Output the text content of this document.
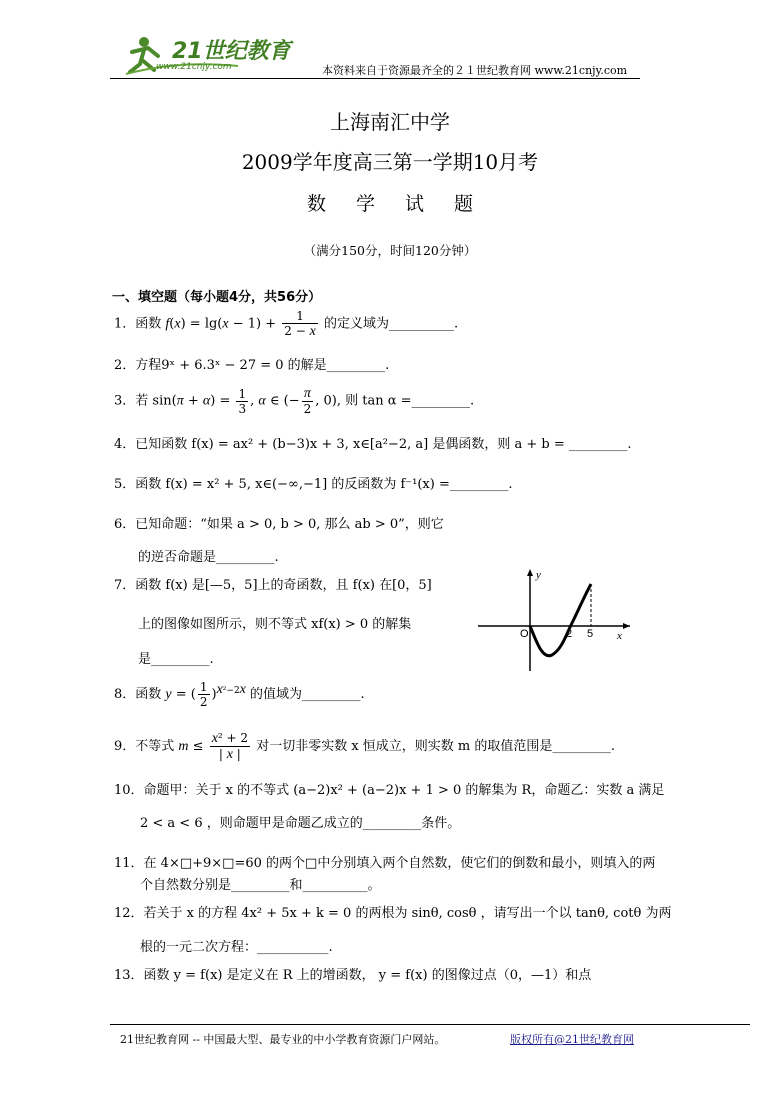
21世纪教育
www.21cnjy.com	本资料来自于资源最齐全的２１世纪教育网 www.21cnjy.com
上海南汇中学
2009学年度高三第一学期10月考
数 学 试 题
（满分150分，时间120分钟）
一、填空题（每小题4分，共56分）
1．函数 $f(x) = \lg(x - 1) + \frac{1}{2 - x}$ 的定义域为__________.
2．方程9ˣ + 6.3ˣ − 27 = 0 的解是_________.
3．若 $\sin(\pi + \alpha) = \frac{1}{3}$ , α ∈ (− $\frac{\pi}{2}$ , 0), 则 tan α =_________.
4．已知函数 f(x) = ax² + (b−3)x + 3, x∈[a²−2, a] 是偶函数，则 a + b = _________.
5．函数 f(x) = x² + 5, x∈(−∞,−1] 的反函数为 f⁻¹(x) =_________.
6．已知命题：“如果 a > 0, b > 0, 那么 ab > 0”，则它
的逆否命题是_________.
7．函数 f(x) 是[—5，5]上的奇函数，且 f(x) 在[0，5]
上的图像如图所示，则不等式 xf(x) > 0 的解集
是_________.
y
x
O	2 5
8．函数 y = ( $\frac{1}{2} )^{x^2-2x}$ 的值域为_________.
9．不等式 $m \le \frac{\text{x² + 2}}{| x |}$ 对一切非零实数 x 恒成立，则实数 m 的取值范围是_________.
10．命题甲：关于 x 的不等式 (a−2)x² + (a−2)x + 1 > 0 的解集为 R，命题乙：实数 a 满足
2 < a < 6 ，则命题甲是命题乙成立的_________条件。
11．在 4×□+9×□=60 的两个□中分别填入两个自然数，使它们的倒数和最小，则填入的两
个自然数分别是_________和__________。
12．若关于 x 的方程 4x² + 5x + k = 0 的两根为 sinθ, cosθ ，请写出一个以 tanθ, cotθ 为两
根的一元二次方程：___________.
13．函数 y = f(x) 是定义在 R 上的增函数， y = f(x) 的图像过点（0，—1）和点
21世纪教育网 -- 中国最大型、最专业的中小学教育资源门户网站。	版权所有@21世纪教育网
